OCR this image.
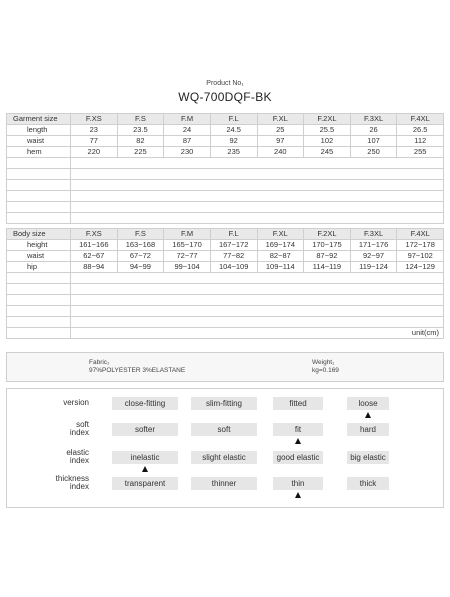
Product No₁
WQ-700DQF-BK
Garment size	F.XS	F.S	F.M	F.L	F.XL	F.2XL	F.3XL	F.4XL
length	23	23.5	24	24.5	25	25.5	26	26.5
waist	77	82	87	92	97	102	107	112
hem	220	225	230	235	240	245	250	255

Body size	F.XS	F.S	F.M	F.L	F.XL	F.2XL	F.3XL	F.4XL
height	161~166	163~168	165~170	167~172	169~174	170~175	171~176	172~178
waist	62~67	67~72	72~77	77~82	82~87	87~92	92~97	97~102
hip	88~94	94~99	99~104	104~109	109~114	114~119	119~124	124~129

	unit(cm)							
Fabric₁
97%POLYESTER 3%ELASTANE
Weight₁
kg=0.169
version	close-fitting	slim-fitting	fitted	loose
soft
index	softer	soft	fit	hard
elastic
index	inelastic	slight elastic	good elastic	big elastic
thickness
index	transparent	thinner	thin	thick
